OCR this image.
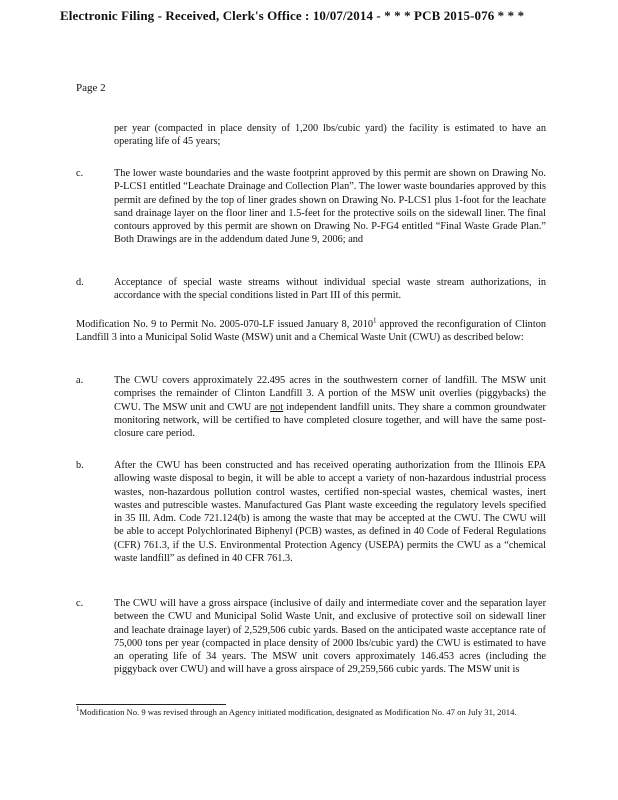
Electronic Filing - Received, Clerk's Office : 10/07/2014 - * * * PCB 2015-076 * * *
Page 2
per year (compacted in place density of 1,200 lbs/cubic yard) the facility is estimated to have an operating life of 45 years;
c.	The lower waste boundaries and the waste footprint approved by this permit are shown on Drawing No. P-LCS1 entitled “Leachate Drainage and Collection Plan”. The lower waste boundaries approved by this permit are defined by the top of liner grades shown on Drawing No. P-LCS1 plus 1-foot for the leachate sand drainage layer on the floor liner and 1.5-feet for the protective soils on the sidewall liner. The final contours approved by this permit are shown on Drawing No. P-FG4 entitled “Final Waste Grade Plan.” Both Drawings are in the addendum dated June 9, 2006; and
d.	Acceptance of special waste streams without individual special waste stream authorizations, in accordance with the special conditions listed in Part III of this permit.
Modification No. 9 to Permit No. 2005-070-LF issued January 8, 2010$^1$ approved the reconfiguration of Clinton Landfill 3 into a Municipal Solid Waste (MSW) unit and a Chemical Waste Unit (CWU) as described below:
a.	The CWU covers approximately 22.495 acres in the southwestern corner of landfill. The MSW unit comprises the remainder of Clinton Landfill 3. A portion of the MSW unit overlies (piggybacks) the CWU. The MSW unit and CWU are not independent landfill units. They share a common groundwater monitoring network, will be certified to have completed closure together, and will have the same post-closure care period.
b.	After the CWU has been constructed and has received operating authorization from the Illinois EPA allowing waste disposal to begin, it will be able to accept a variety of non-hazardous industrial process wastes, non-hazardous pollution control wastes, certified non-special wastes, chemical wastes, inert wastes and putrescible wastes. Manufactured Gas Plant waste exceeding the regulatory levels specified in 35 Ill. Adm. Code 721.124(b) is among the waste that may be accepted at the CWU. The CWU will be able to accept Polychlorinated Biphenyl (PCB) wastes, as defined in 40 Code of Federal Regulations (CFR) 761.3, if the U.S. Environmental Protection Agency (USEPA) permits the CWU as a “chemical waste landfill” as defined in 40 CFR 761.3.
c.	The CWU will have a gross airspace (inclusive of daily and intermediate cover and the separation layer between the CWU and Municipal Solid Waste Unit, and exclusive of protective soil on sidewall liner and leachate drainage layer) of 2,529,506 cubic yards. Based on the anticipated waste acceptance rate of 75,000 tons per year (compacted in place density of 2000 lbs/cubic yard) the CWU is estimated to have an operating life of 34 years. The MSW unit covers approximately 146.453 acres (including the piggyback over CWU) and will have a gross airspace of 29,259,566 cubic yards. The MSW unit is
$^1$Modification No. 9 was revised through an Agency initiated modification, designated as Modification No. 47 on July 31, 2014.
